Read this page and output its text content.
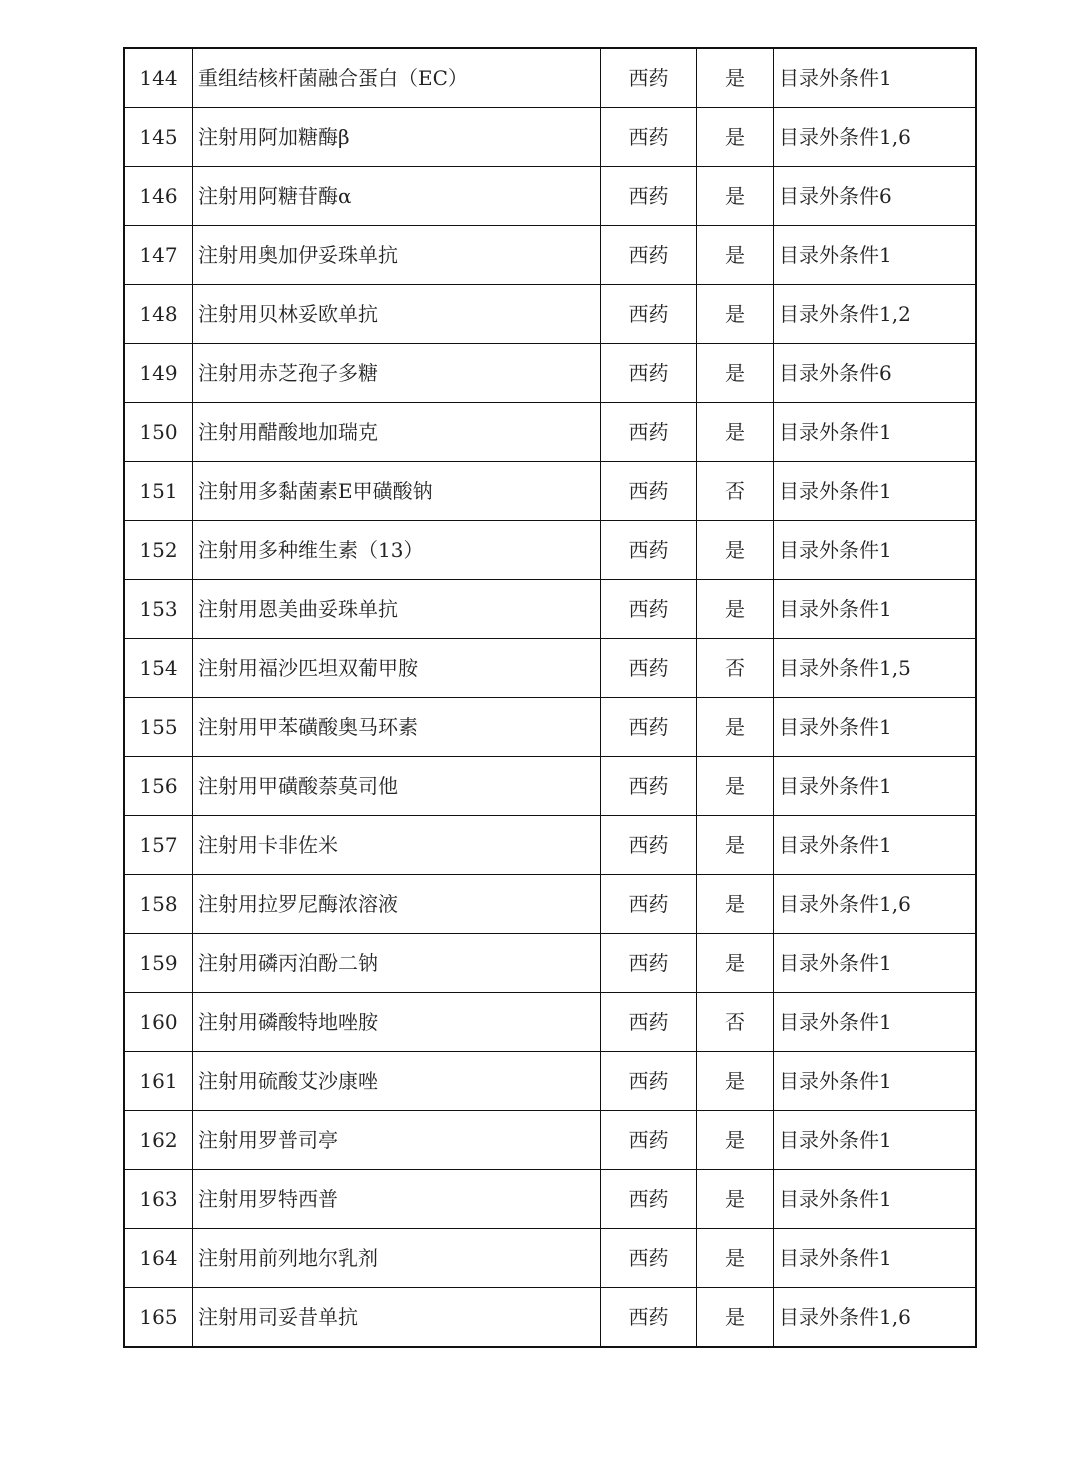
144	重组结核杆菌融合蛋白（EC）	西药	是	目录外条件1
145	注射用阿加糖酶β	西药	是	目录外条件1,6
146	注射用阿糖苷酶α	西药	是	目录外条件6
147	注射用奥加伊妥珠单抗	西药	是	目录外条件1
148	注射用贝林妥欧单抗	西药	是	目录外条件1,2
149	注射用赤芝孢子多糖	西药	是	目录外条件6
150	注射用醋酸地加瑞克	西药	是	目录外条件1
151	注射用多黏菌素E甲磺酸钠	西药	否	目录外条件1
152	注射用多种维生素（13）	西药	是	目录外条件1
153	注射用恩美曲妥珠单抗	西药	是	目录外条件1
154	注射用福沙匹坦双葡甲胺	西药	否	目录外条件1,5
155	注射用甲苯磺酸奥马环素	西药	是	目录外条件1
156	注射用甲磺酸萘莫司他	西药	是	目录外条件1
157	注射用卡非佐米	西药	是	目录外条件1
158	注射用拉罗尼酶浓溶液	西药	是	目录外条件1,6
159	注射用磷丙泊酚二钠	西药	是	目录外条件1
160	注射用磷酸特地唑胺	西药	否	目录外条件1
161	注射用硫酸艾沙康唑	西药	是	目录外条件1
162	注射用罗普司亭	西药	是	目录外条件1
163	注射用罗特西普	西药	是	目录外条件1
164	注射用前列地尔乳剂	西药	是	目录外条件1
165	注射用司妥昔单抗	西药	是	目录外条件1,6
